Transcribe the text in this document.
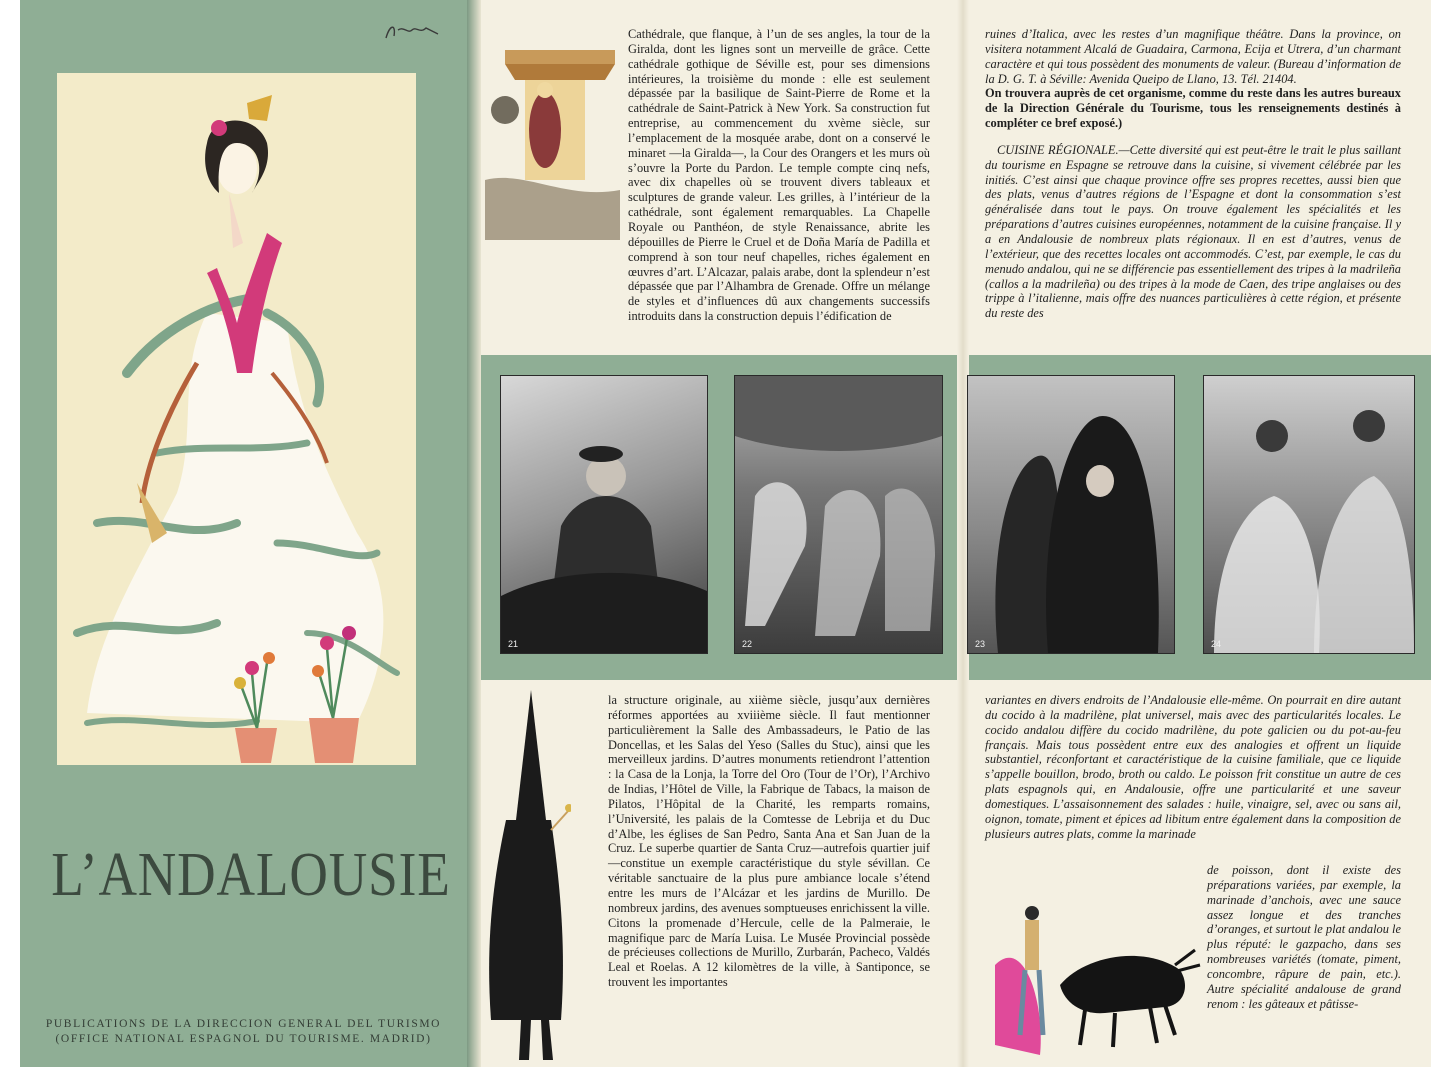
L’ANDALOUSIE
PUBLICATIONS DE LA DIRECCION GENERAL DEL TURISMO
(OFFICE NATIONAL ESPAGNOL DU TOURISME. MADRID)

Cathédrale, que flanque, à l’un de ses angles, la tour de la Giralda, dont les lignes sont un merveille de grâce. Cette cathédrale gothique de Séville est, pour ses dimensions intérieures, la troisième du monde : elle est seulement dépassée par la basilique de Saint-Pierre de Rome et la cathédrale de Saint-Patrick à New York. Sa construction fut entreprise, au commencement du xvème siècle, sur l’emplacement de la mosquée arabe, dont on a conservé le minaret —la Giralda—, la Cour des Orangers et les murs où s’ouvre la Porte du Pardon. Le temple compte cinq nefs, avec dix chapelles où se trouvent divers tableaux et sculptures de grande valeur. Les grilles, à l’intérieur de la cathédrale, sont également remarquables. La Chapelle Royale ou Panthéon, de style Renaissance, abrite les dépouilles de Pierre le Cruel et de Doña María de Padilla et comprend à son tour neuf chapelles, riches également en œuvres d’art. L’Alcazar, palais arabe, dont la splendeur n’est dépassée que par l’Alhambra de Grenade. Offre un mélange de styles et d’influences dû aux changements successifs introduits dans la construction depuis l’édification de

ruines d’Italica, avec les restes d’un magnifique théâtre. Dans la province, on visitera notamment Alcalá de Guadaira, Carmona, Ecija et Utrera, d’un charmant caractère et qui tous possèdent des monuments de valeur. (Bureau d’information de la D. G. T. à Séville: Avenida Queipo de Llano, 13. Tél. 21404.

On trouvera auprès de cet organisme, comme du reste dans les autres bureaux de la Direction Générale du Tourisme, tous les renseignements destinés à compléter ce bref exposé.)

CUISINE RÉGIONALE.—Cette diversité qui est peut-être le trait le plus saillant du tourisme en Espagne se retrouve dans la cuisine, si vivement célébrée par les initiés. C’est ainsi que chaque province offre ses propres recettes, aussi bien que des plats, venus d’autres régions de l’Espagne et dont la consommation s’est généralisée dans tout le pays. On trouve également les spécialités et les préparations d’autres cuisines européennes, notamment de la cuisine française. Il y a en Andalousie de nombreux plats régionaux. Il en est d’autres, venus de l’extérieur, que des recettes locales ont accommodés. C’est, par exemple, le cas du menudo andalou, qui ne se différencie pas essentiellement des tripes à la madrileña (callos a la madrileña) ou des tripes à la mode de Caen, des tripe anglaises ou des trippe à l’italienne, mais offre des nuances particulières à cette région, et présente du reste des

21	22	23	24

la structure originale, au xiième siècle, jusqu’aux dernières réformes apportées au xviiième siècle. Il faut mentionner particulièrement la Salle des Ambassadeurs, le Patio de las Doncellas, et les Salas del Yeso (Salles du Stuc), ainsi que les merveilleux jardins. D’autres monuments retiendront l’attention : la Casa de la Lonja, la Torre del Oro (Tour de l’Or), l’Archivo de Indias, l’Hôtel de Ville, la Fabrique de Tabacs, la maison de Pilatos, l’Hôpital de la Charité, les remparts romains, l’Université, les palais de la Comtesse de Lebrija et du Duc d’Albe, les églises de San Pedro, Santa Ana et San Juan de la Cruz. Le superbe quartier de Santa Cruz—autrefois quartier juif—constitue un exemple caractéristique du style sévillan. Ce véritable sanctuaire de la plus pure ambiance locale s’étend entre les murs de l’Alcázar et les jardins de Murillo. De nombreux jardins, des avenues somptueuses enrichissent la ville. Citons la promenade d’Hercule, celle de la Palmeraie, le magnifique parc de María Luisa. Le Musée Provincial possède de précieuses collections de Murillo, Zurbarán, Pacheco, Valdés Leal et Roelas. A 12 kilomètres de la ville, à Santiponce, se trouvent les importantes

variantes en divers endroits de l’Andalousie elle-même. On pourrait en dire autant du cocido à la madrilène, plat universel, mais avec des particularités locales. Le cocido andalou diffère du cocido madrilène, du pote galicien ou du pot-au-feu français. Mais tous possèdent entre eux des analogies et offrent un liquide substantiel, réconfortant et caractéristique de la cuisine familiale, que ce liquide s’appelle bouillon, brodo, broth ou caldo. Le poisson frit constitue un autre de ces plats espagnols qui, en Andalousie, offre une particularité et une saveur domestiques. L’assaisonnement des salades : huile, vinaigre, sel, avec ou sans ail, oignon, tomate, piment et épices ad libitum entre également dans la composition de plusieurs autres plats, comme la marinade

de poisson, dont il existe des préparations variées, par exemple, la marinade d’anchois, avec une sauce assez longue et des tranches d’oranges, et surtout le plat andalou le plus réputé: le gazpacho, dans ses nombreuses variétés (tomate, piment, concombre, râpure de pain, etc.). Autre spécialité andalouse de grand renom : les gâteaux et pâtisse-
